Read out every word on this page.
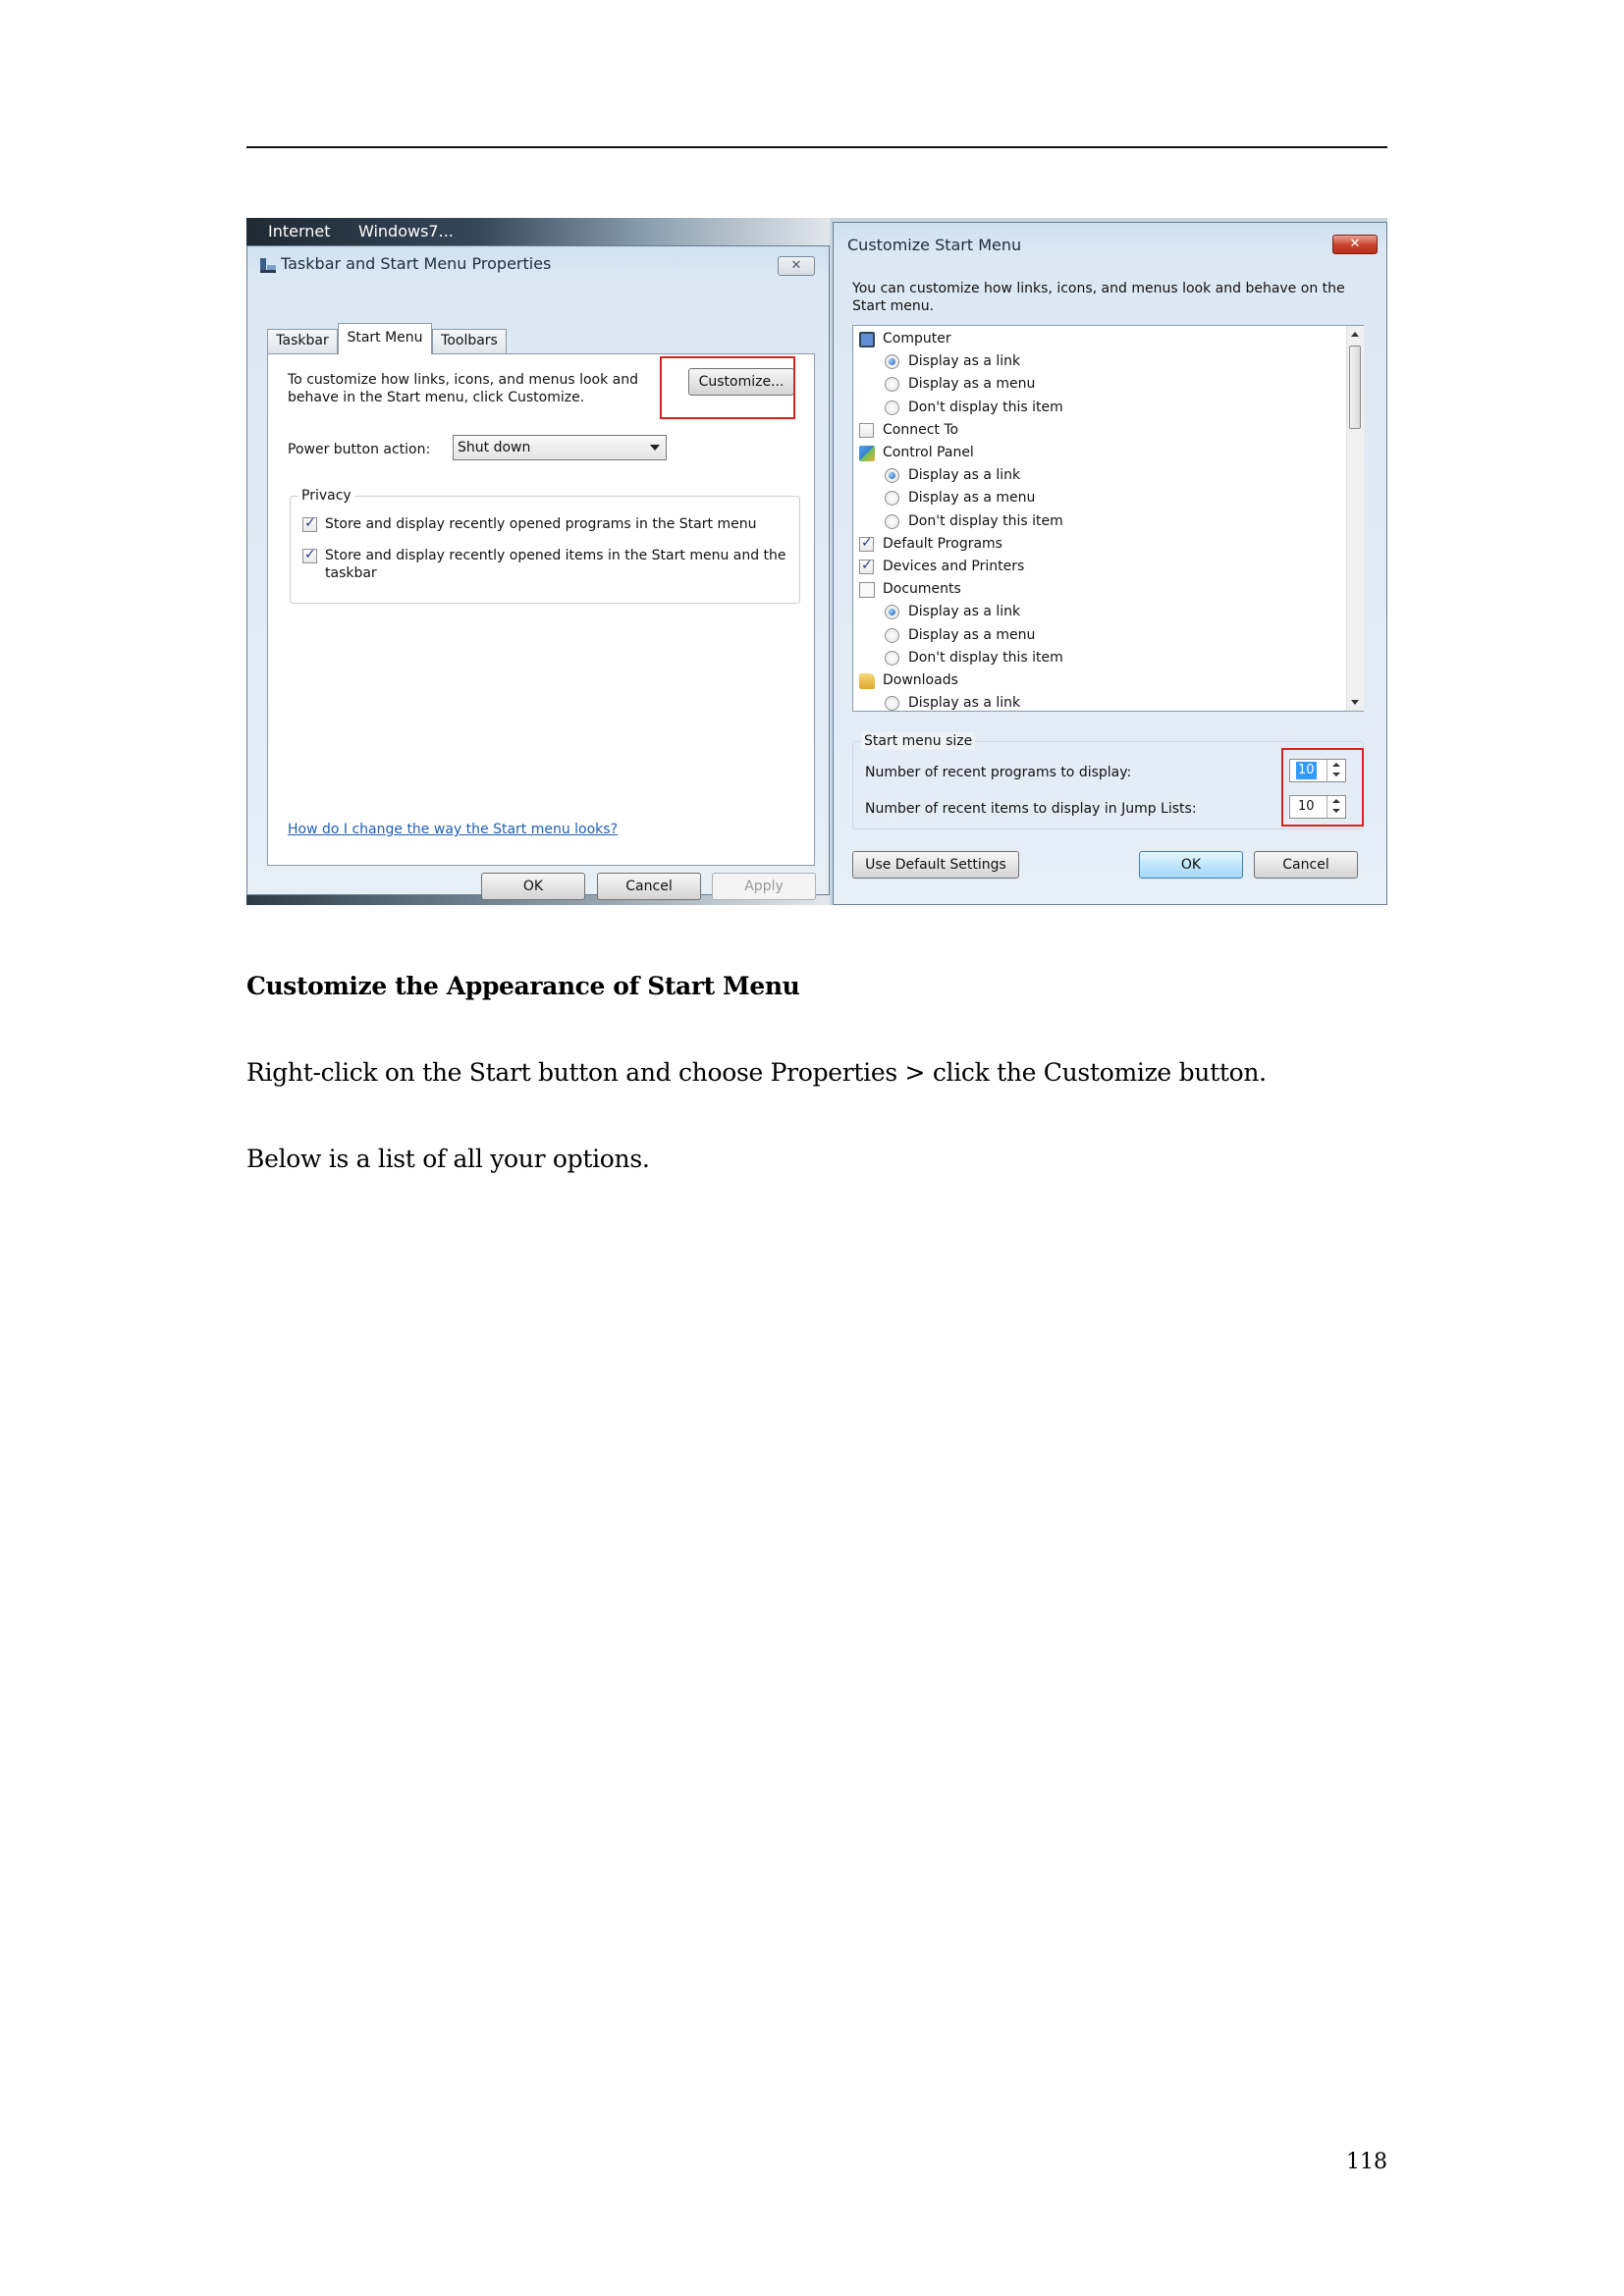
Internet Windows7...
Taskbar and Start Menu Properties	✕
Taskbar	Start Menu	Toolbars
To customize how links, icons, and menus look and behave in the Start menu, click Customize.
Customize...
Power button action:	Shut down
Privacy
✓
Store and display recently opened programs in the Start menu
✓
Store and display recently opened items in the Start menu and the taskbar
How do I change the way the Start menu looks?
OK	Cancel	Apply
Customize Start Menu	✕
You can customize how links, icons, and menus look and behave on the Start menu.
Computer
Display as a link
Display as a menu
Don't display this item
Connect To
Control Panel
Display as a link
Display as a menu
Don't display this item
✓
Default Programs
✓
Devices and Printers
Documents
Display as a link
Display as a menu
Don't display this item
Downloads
Display as a link
Start menu size
Number of recent programs to display:	10
Number of recent items to display in Jump Lists:	10
Use Default Settings	OK	Cancel
Customize the Appearance of Start Menu
Right-click on the Start button and choose Properties > click the Customize button.
Below is a list of all your options.
118
